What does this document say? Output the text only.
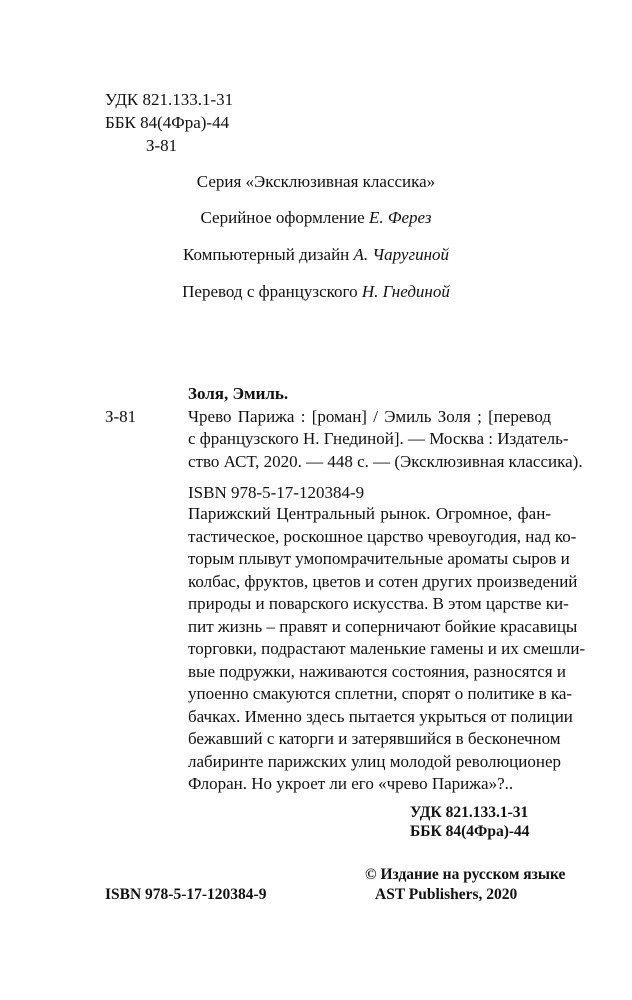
УДК 821.133.1-31
ББК 84(4Фра)-44
З-81
Серия «Эксклюзивная классика»
Серийное оформление Е. Ферез
Компьютерный дизайн А. Чаругиной
Перевод с французского Н. Гнединой
Золя, Эмиль.
З-81	Чрево Парижа : [роман] / Эмиль Золя ; [перевод
с французского Н. Гнединой]. — Москва : Издатель-
ство АСТ, 2020. — 448 с. — (Эксклюзивная классика).
ISBN 978-5-17-120384-9
Парижский Центральный рынок. Огромное, фан-
тастическое, роскошное царство чревоугодия, над ко-
торым плывут умопомрачительные ароматы сыров и
колбас, фруктов, цветов и сотен других произведений
природы и поварского искусства. В этом царстве ки-
пит жизнь – правят и соперничают бойкие красавицы
торговки, подрастают маленькие гамены и их смешли-
вые подружки, наживаются состояния, разносятся и
упоенно смакуются сплетни, спорят о политике в ка-
бачках. Именно здесь пытается укрыться от полиции
бежавший с каторги и затерявшийся в бесконечном
лабиринте парижских улиц молодой революционер
Флоран. Но укроет ли его «чрево Парижа»?..
УДК 821.133.1-31
ББК 84(4Фра)-44
ISBN 978-5-17-120384-9
© Издание на русском языке
AST Publishers, 2020
